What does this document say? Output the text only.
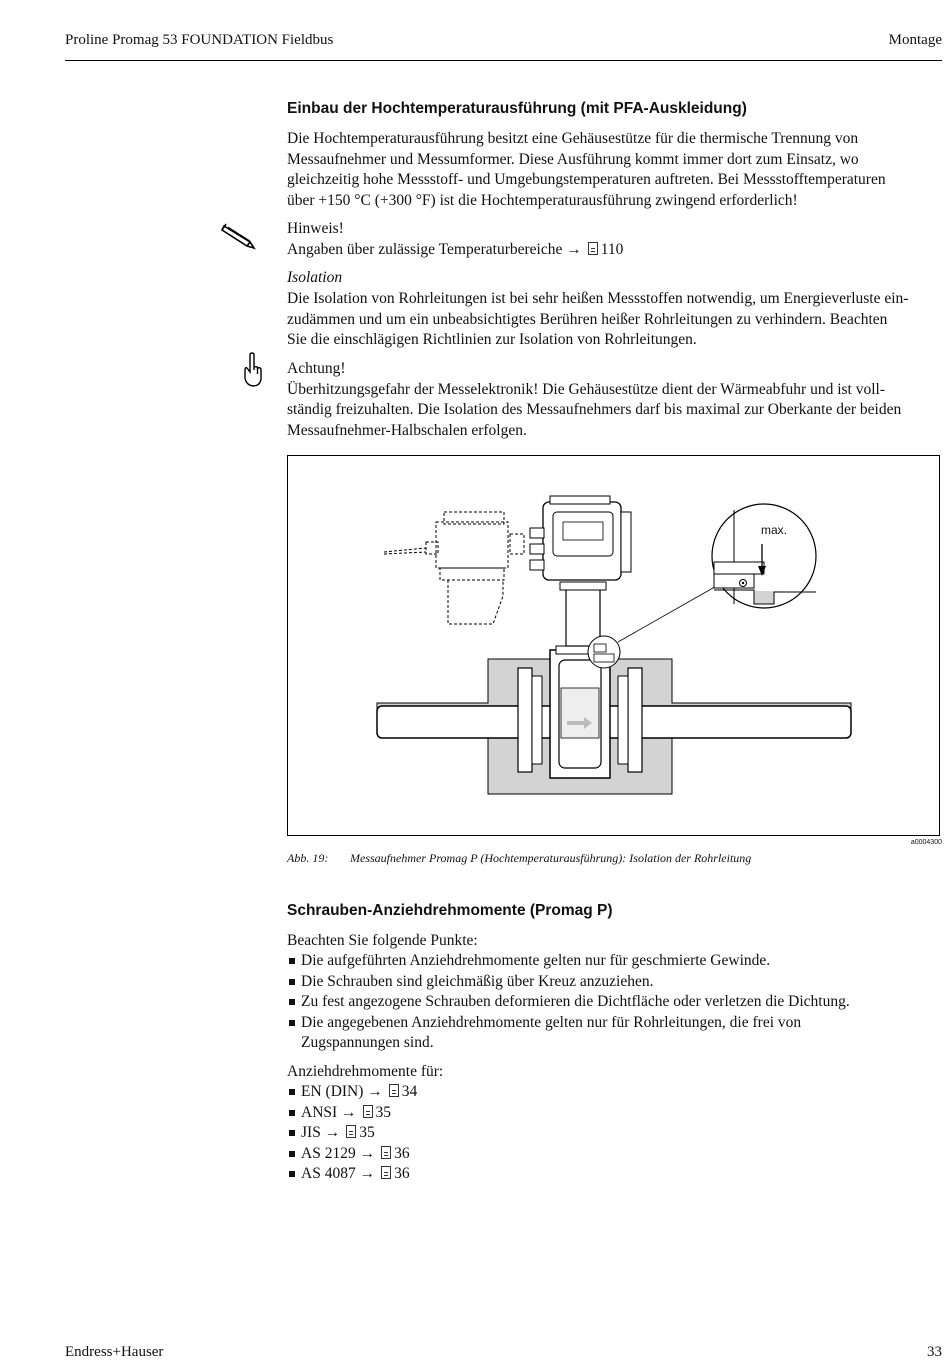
Proline Promag 53 FOUNDATION Fieldbus	Montage
Einbau der Hochtemperaturausführung (mit PFA-Auskleidung)
Die Hochtemperaturausführung besitzt eine Gehäusestütze für die thermische Trennung von
Messaufnehmer und Messumformer. Diese Ausführung kommt immer dort zum Einsatz, wo
gleichzeitig hohe Messstoff- und Umgebungstemperaturen auftreten. Bei Messstofftemperaturen
über +150 °C (+300 °F) ist die Hochtemperaturausführung zwingend erforderlich!
Hinweis!
Angaben über zulässige Temperaturbereiche → 110
Isolation
Die Isolation von Rohrleitungen ist bei sehr heißen Messstoffen notwendig, um Energieverluste ein-
zudämmen und um ein unbeabsichtigtes Berühren heißer Rohrleitungen zu verhindern. Beachten
Sie die einschlägigen Richtlinien zur Isolation von Rohrleitungen.
Achtung!
Überhitzungsgefahr der Messelektronik! Die Gehäusestütze dient der Wärmeabfuhr und ist voll-
ständig freizuhalten. Die Isolation des Messaufnehmers darf bis maximal zur Oberkante der beiden
Messaufnehmer-Halbschalen erfolgen.
max.
a0004300
Abb. 19: Messaufnehmer Promag P (Hochtemperaturausführung): Isolation der Rohrleitung
Schrauben-Anziehdrehmomente (Promag P)
Beachten Sie folgende Punkte:
Die aufgeführten Anziehdrehmomente gelten nur für geschmierte Gewinde.
Die Schrauben sind gleichmäßig über Kreuz anzuziehen.
Zu fest angezogene Schrauben deformieren die Dichtfläche oder verletzen die Dichtung.
Die angegebenen Anziehdrehmomente gelten nur für Rohrleitungen, die frei von
Zugspannungen sind.
Anziehdrehmomente für:
EN (DIN) → 34
ANSI → 35
JIS → 35
AS 2129 → 36
AS 4087 → 36
Endress+Hauser	33
